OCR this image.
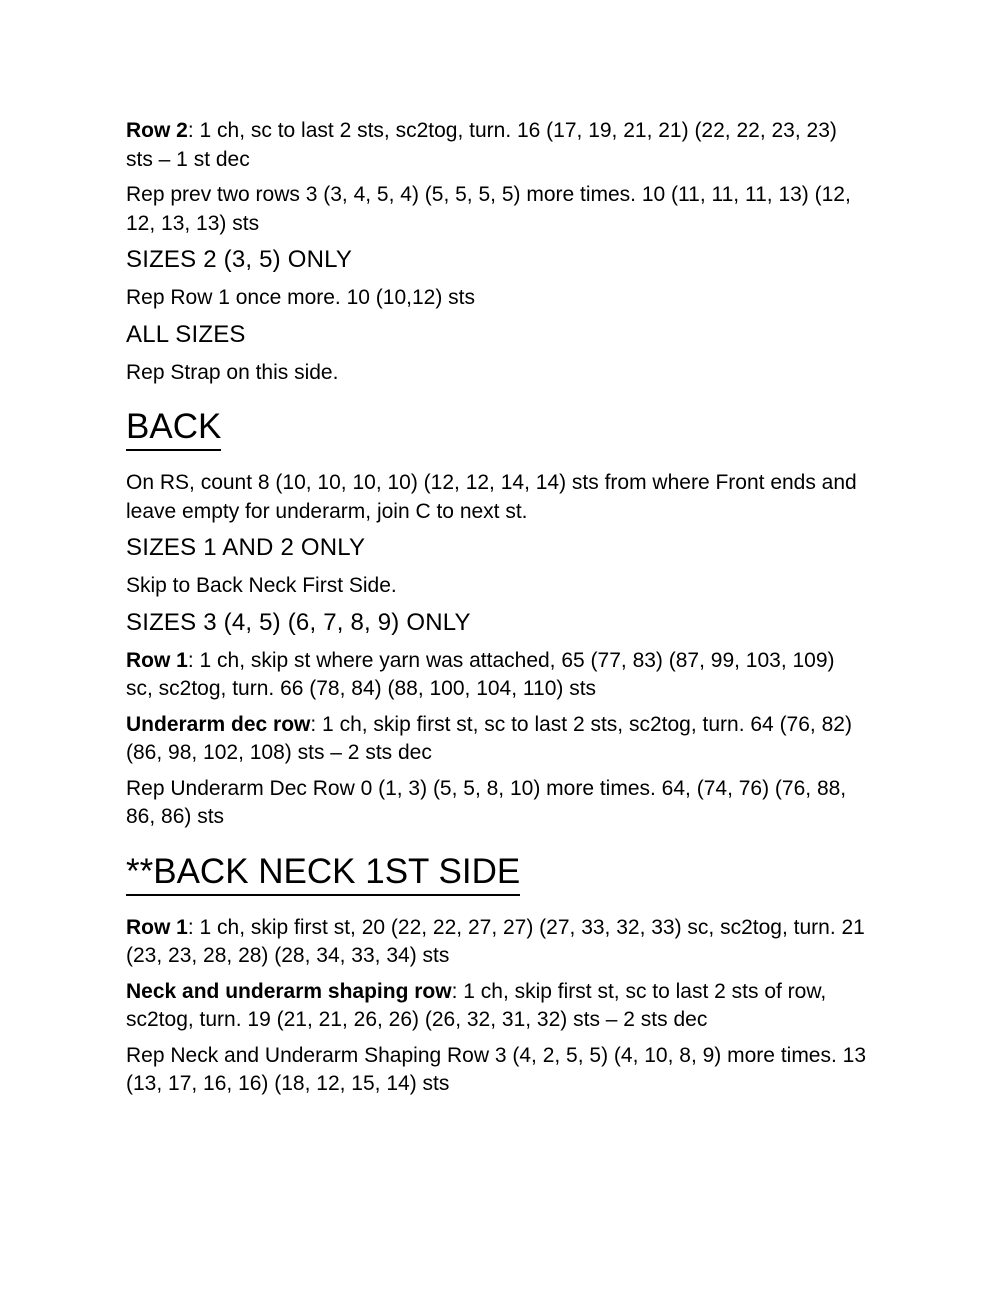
Row 2: 1 ch, sc to last 2 sts, sc2tog, turn. 16 (17, 19, 21, 21) (22, 22, 23, 23) sts – 1 st dec

Rep prev two rows 3 (3, 4, 5, 4) (5, 5, 5, 5) more times. 10 (11, 11, 11, 13) (12, 12, 13, 13) sts

SIZES 2 (3, 5) ONLY

Rep Row 1 once more. 10 (10,12) sts

ALL SIZES

Rep Strap on this side.

BACK

On RS, count 8 (10, 10, 10, 10) (12, 12, 14, 14) sts from where Front ends and leave empty for underarm, join C to next st.

SIZES 1 AND 2 ONLY

Skip to Back Neck First Side.

SIZES 3 (4, 5) (6, 7, 8, 9) ONLY

Row 1: 1 ch, skip st where yarn was attached, 65 (77, 83) (87, 99, 103, 109) sc, sc2tog, turn. 66 (78, 84) (88, 100, 104, 110) sts

Underarm dec row: 1 ch, skip first st, sc to last 2 sts, sc2tog, turn. 64 (76, 82) (86, 98, 102, 108) sts – 2 sts dec

Rep Underarm Dec Row 0 (1, 3) (5, 5, 8, 10) more times. 64, (74, 76) (76, 88, 86, 86) sts

**BACK NECK 1ST SIDE

Row 1: 1 ch, skip first st, 20 (22, 22, 27, 27) (27, 33, 32, 33) sc, sc2tog, turn. 21 (23, 23, 28, 28) (28, 34, 33, 34) sts

Neck and underarm shaping row: 1 ch, skip first st, sc to last 2 sts of row, sc2tog, turn. 19 (21, 21, 26, 26) (26, 32, 31, 32) sts – 2 sts dec

Rep Neck and Underarm Shaping Row 3 (4, 2, 5, 5) (4, 10, 8, 9) more times. 13 (13, 17, 16, 16) (18, 12, 15, 14) sts
